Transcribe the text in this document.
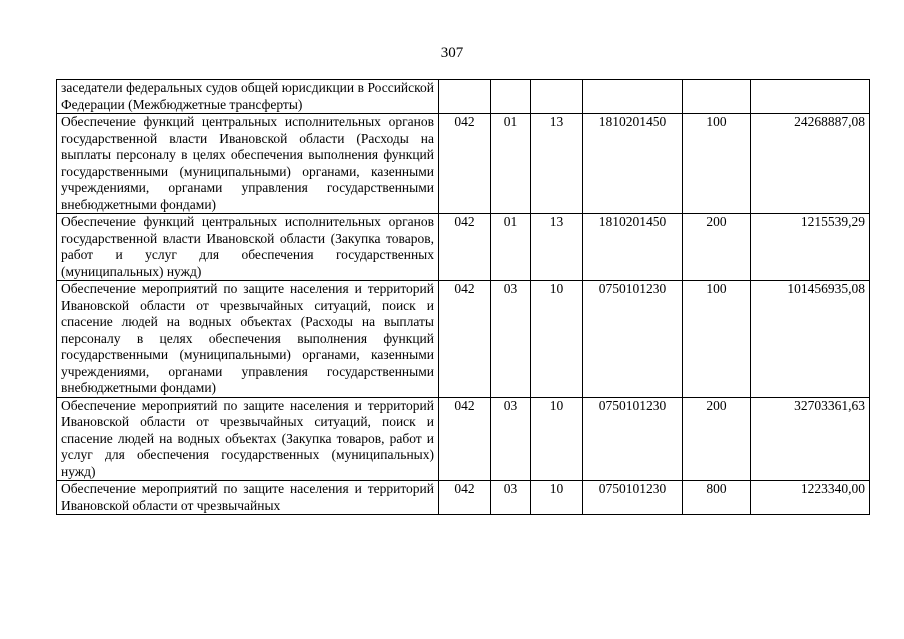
307
заседатели федеральных судов общей юрисдикции в Российской Федерации (Межбюджетные трансферты)						
Обеспечение функций центральных исполнительных органов государственной власти Ивановской области (Расходы на выплаты персоналу в целях обеспечения выполнения функций государственными (муниципальными) органами, казенными учреждениями, органами управления государственными внебюджетными фондами)	042	01	13	1810201450	100	24268887,08
Обеспечение функций центральных исполнительных органов государственной власти Ивановской области (Закупка товаров, работ и услуг для обеспечения государственных (муниципальных) нужд)	042	01	13	1810201450	200	1215539,29
Обеспечение мероприятий по защите населения и территорий Ивановской области от чрезвычайных ситуаций, поиск и спасение людей на водных объектах (Расходы на выплаты персоналу в целях обеспечения выполнения функций государственными (муниципальными) органами, казенными учреждениями, органами управления государственными внебюджетными фондами)	042	03	10	0750101230	100	101456935,08
Обеспечение мероприятий по защите населения и территорий Ивановской области от чрезвычайных ситуаций, поиск и спасение людей на водных объектах (Закупка товаров, работ и услуг для обеспечения государственных (муниципальных) нужд)	042	03	10	0750101230	200	32703361,63
Обеспечение мероприятий по защите населения и территорий Ивановской области от чрезвычайных	042	03	10	0750101230	800	1223340,00
